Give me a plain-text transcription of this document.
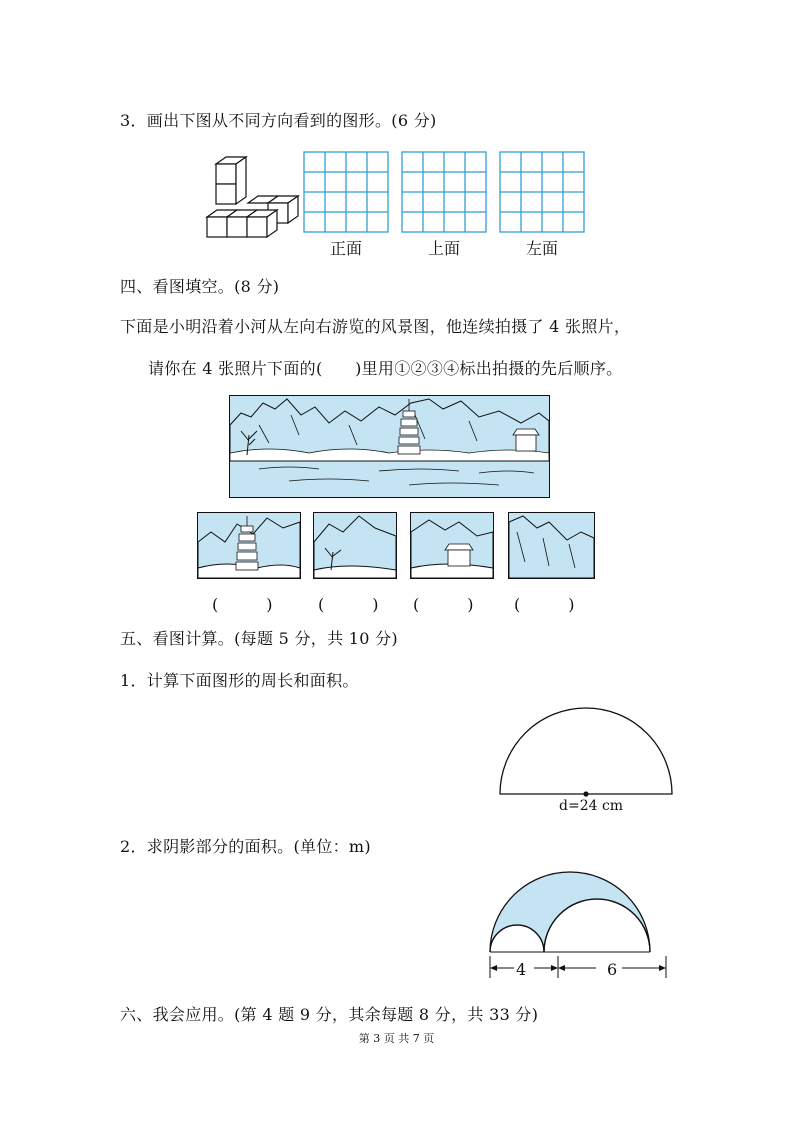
3．画出下图从不同方向看到的图形。(6 分)
正面	上面	左面
四、看图填空。(8 分)
下面是小明沿着小河从左向右游览的风景图，他连续拍摄了 4 张照片，
请你在 4 张照片下面的(　　)里用①②③④标出拍摄的先后顺序。
(　　　)	(　　　) (　　　)	(　　　)
五、看图计算。(每题 5 分，共 10 分)
1．计算下面图形的周长和面积。
d=24 cm
2．求阴影部分的面积。(单位：m)
4	6
六、我会应用。(第 4 题 9 分，其余每题 8 分，共 33 分)
第 3 页 共 7 页
